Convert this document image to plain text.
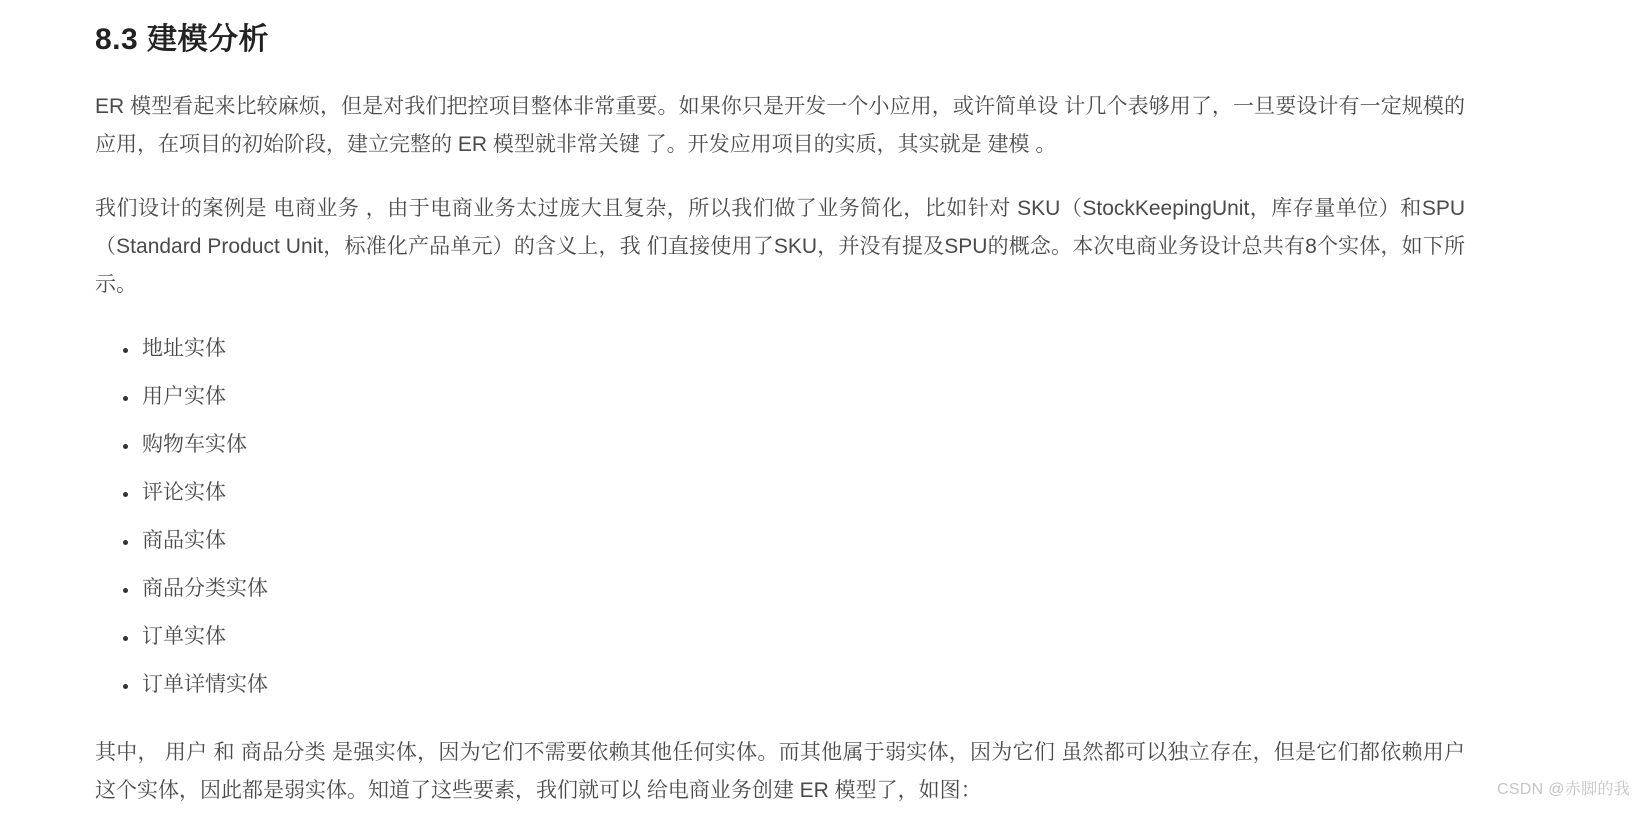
8.3 建模分析

ER 模型看起来比较麻烦，但是对我们把控项目整体非常重要。如果你只是开发一个小应用，或许简单设 计几个表够用了，一旦要设计有一定规模的应用，在项目的初始阶段，建立完整的 ER 模型就非常关键 了。开发应用项目的实质，其实就是 建模 。

我们设计的案例是 电商业务 ，由于电商业务太过庞大且复杂，所以我们做了业务简化，比如针对 SKU（StockKeepingUnit，库存量单位）和SPU（Standard Product Unit，标准化产品单元）的含义上，我 们直接使用了SKU，并没有提及SPU的概念。本次电商业务设计总共有8个实体，如下所示。

• 地址实体
• 用户实体
• 购物车实体
• 评论实体
• 商品实体
• 商品分类实体
• 订单实体
• 订单详情实体

其中， 用户 和 商品分类 是强实体，因为它们不需要依赖其他任何实体。而其他属于弱实体，因为它们 虽然都可以独立存在，但是它们都依赖用户这个实体，因此都是弱实体。知道了这些要素，我们就可以 给电商业务创建 ER 模型了，如图：	CSDN @赤脚的我
